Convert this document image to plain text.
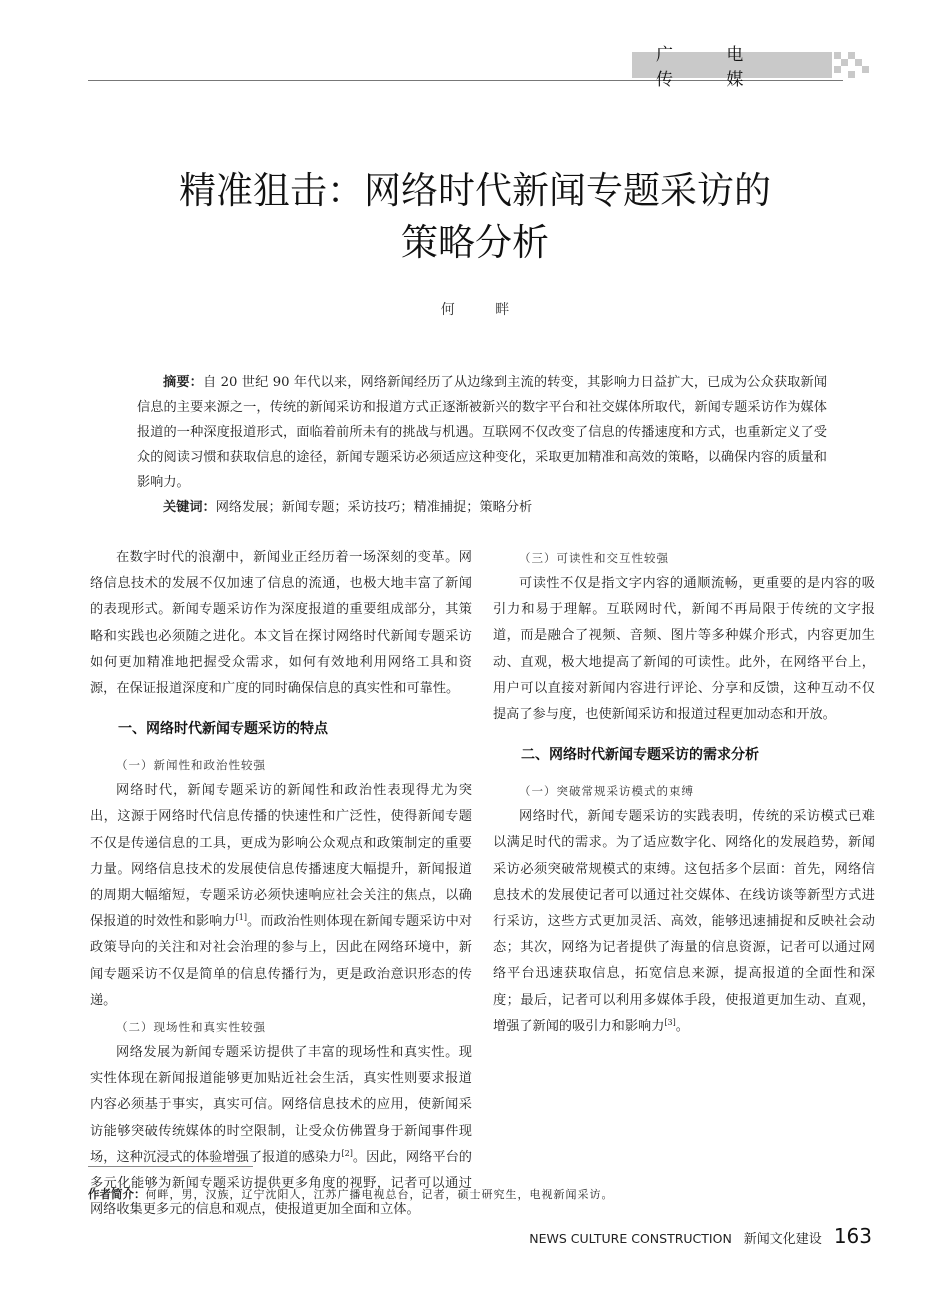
广 电 传 媒
精准狙击：网络时代新闻专题采访的
策略分析
何 畔

摘要：自 20 世纪 90 年代以来，网络新闻经历了从边缘到主流的转变，其影响力日益扩大，已成为公众获取新闻信息的主要来源之一，传统的新闻采访和报道方式正逐渐被新兴的数字平台和社交媒体所取代，新闻专题采访作为媒体报道的一种深度报道形式，面临着前所未有的挑战与机遇。互联网不仅改变了信息的传播速度和方式，也重新定义了受众的阅读习惯和获取信息的途径，新闻专题采访必须适应这种变化，采取更加精准和高效的策略，以确保内容的质量和影响力。

关键词：网络发展；新闻专题；采访技巧；精准捕捉；策略分析

在数字时代的浪潮中，新闻业正经历着一场深刻的变革。网络信息技术的发展不仅加速了信息的流通，也极大地丰富了新闻的表现形式。新闻专题采访作为深度报道的重要组成部分，其策略和实践也必须随之进化。本文旨在探讨网络时代新闻专题采访如何更加精准地把握受众需求，如何有效地利用网络工具和资源，在保证报道深度和广度的同时确保信息的真实性和可靠性。

一、网络时代新闻专题采访的特点
（一）新闻性和政治性较强

网络时代，新闻专题采访的新闻性和政治性表现得尤为突出，这源于网络时代信息传播的快速性和广泛性，使得新闻专题不仅是传递信息的工具，更成为影响公众观点和政策制定的重要力量。网络信息技术的发展使信息传播速度大幅提升，新闻报道的周期大幅缩短，专题采访必须快速响应社会关注的焦点，以确保报道的时效性和影响力[1]。而政治性则体现在新闻专题采访中对政策导向的关注和对社会治理的参与上，因此在网络环境中，新闻专题采访不仅是简单的信息传播行为，更是政治意识形态的传递。

（二）现场性和真实性较强

网络发展为新闻专题采访提供了丰富的现场性和真实性。现实性体现在新闻报道能够更加贴近社会生活，真实性则要求报道内容必须基于事实，真实可信。网络信息技术的应用，使新闻采访能够突破传统媒体的时空限制，让受众仿佛置身于新闻事件现场，这种沉浸式的体验增强了报道的感染力[2]。因此，网络平台的多元化能够为新闻专题采访提供更多角度的视野，记者可以通过网络收集更多元的信息和观点，使报道更加全面和立体。

（三）可读性和交互性较强

可读性不仅是指文字内容的通顺流畅，更重要的是内容的吸引力和易于理解。互联网时代，新闻不再局限于传统的文字报道，而是融合了视频、音频、图片等多种媒介形式，内容更加生动、直观，极大地提高了新闻的可读性。此外，在网络平台上，用户可以直接对新闻内容进行评论、分享和反馈，这种互动不仅提高了参与度，也使新闻采访和报道过程更加动态和开放。

二、网络时代新闻专题采访的需求分析
（一）突破常规采访模式的束缚

网络时代，新闻专题采访的实践表明，传统的采访模式已难以满足时代的需求。为了适应数字化、网络化的发展趋势，新闻采访必须突破常规模式的束缚。这包括多个层面：首先，网络信息技术的发展使记者可以通过社交媒体、在线访谈等新型方式进行采访，这些方式更加灵活、高效，能够迅速捕捉和反映社会动态；其次，网络为记者提供了海量的信息资源，记者可以通过网络平台迅速获取信息，拓宽信息来源，提高报道的全面性和深度；最后，记者可以利用多媒体手段，使报道更加生动、直观，增强了新闻的吸引力和影响力[3]。

作者简介：何畔，男，汉族，辽宁沈阳人，江苏广播电视总台，记者，硕士研究生，电视新闻采访。
NEWS CULTURE CONSTRUCTION 新闻文化建设 163
